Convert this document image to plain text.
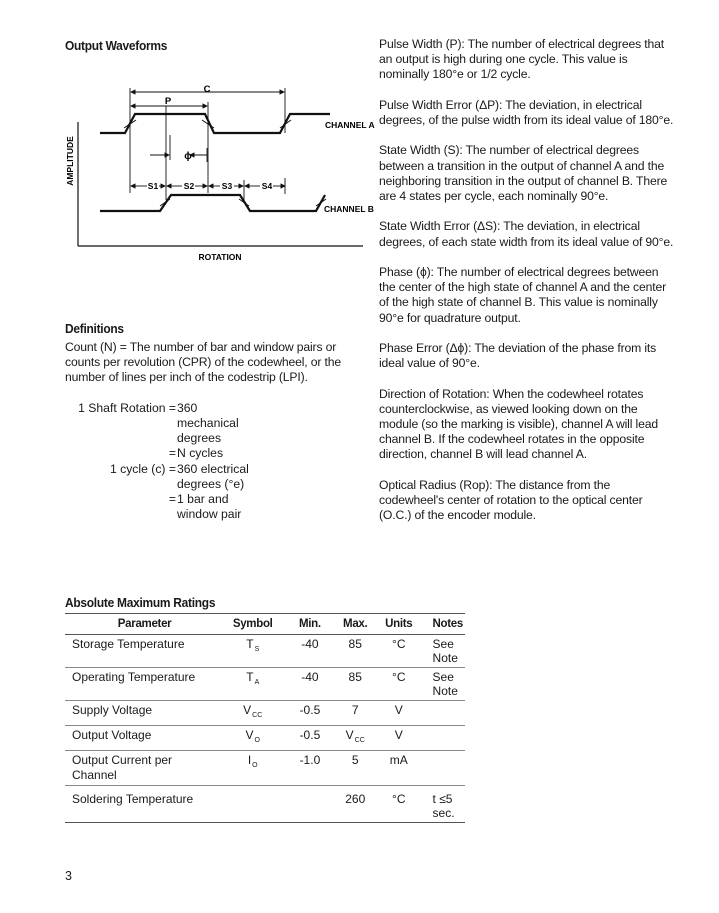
Output Waveforms
C
P
ϕ
S1	S2	S3	S4
CHANNEL A
CHANNEL B
ROTATION
AMPLITUDE
Definitions
Count (N) = The number of bar and window pairs or counts per revolution (CPR) of the codewheel, or the number of lines per inch of the codestrip (LPI).
1 Shaft Rotation = 360
mechanical
degrees
= N cycles
1 cycle (c) = 360 electrical
degrees (°e)
= 1 bar and
window pair

Pulse Width (P): The number of electrical degrees that an output is high during one cycle. This value is nominally 180°e or 1/2 cycle.

Pulse Width Error (ΔP): The deviation, in electrical degrees, of the pulse width from its ideal value of 180°e.

State Width (S): The number of electrical degrees between a transition in the output of channel A and the neighboring transition in the output of channel B. There are 4 states per cycle, each nominally 90°e.

State Width Error (ΔS): The deviation, in electrical degrees, of each state width from its ideal value of 90°e.

Phase (ϕ): The number of electrical degrees between the center of the high state of channel A and the center of the high state of channel B. This value is nominally 90°e for quadrature output.

Phase Error (Δϕ): The deviation of the phase from its ideal value of 90°e.

Direction of Rotation: When the codewheel rotates counterclockwise, as viewed looking down on the module (so the marking is visible), channel A will lead channel B. If the codewheel rotates in the opposite direction, channel B will lead channel A.

Optical Radius (Rop): The distance from the codewheel's center of rotation to the optical center (O.C.) of the encoder module.

Absolute Maximum Ratings
Parameter	Symbol	Min.	Max.	Units	Notes
Storage Temperature	$T_S$	-40	85	°C	See Note
Operating Temperature	$T_A$	-40	85	°C	See Note
Supply Voltage	$V_{CC}$	-0.5	7	V	
Output Voltage	$V_O$	-0.5	$V_{CC}$	V	
Output Current per Channel	$I_O$	-1.0	5	mA	
Soldering Temperature			260	°C	t ≤5 sec.
3
